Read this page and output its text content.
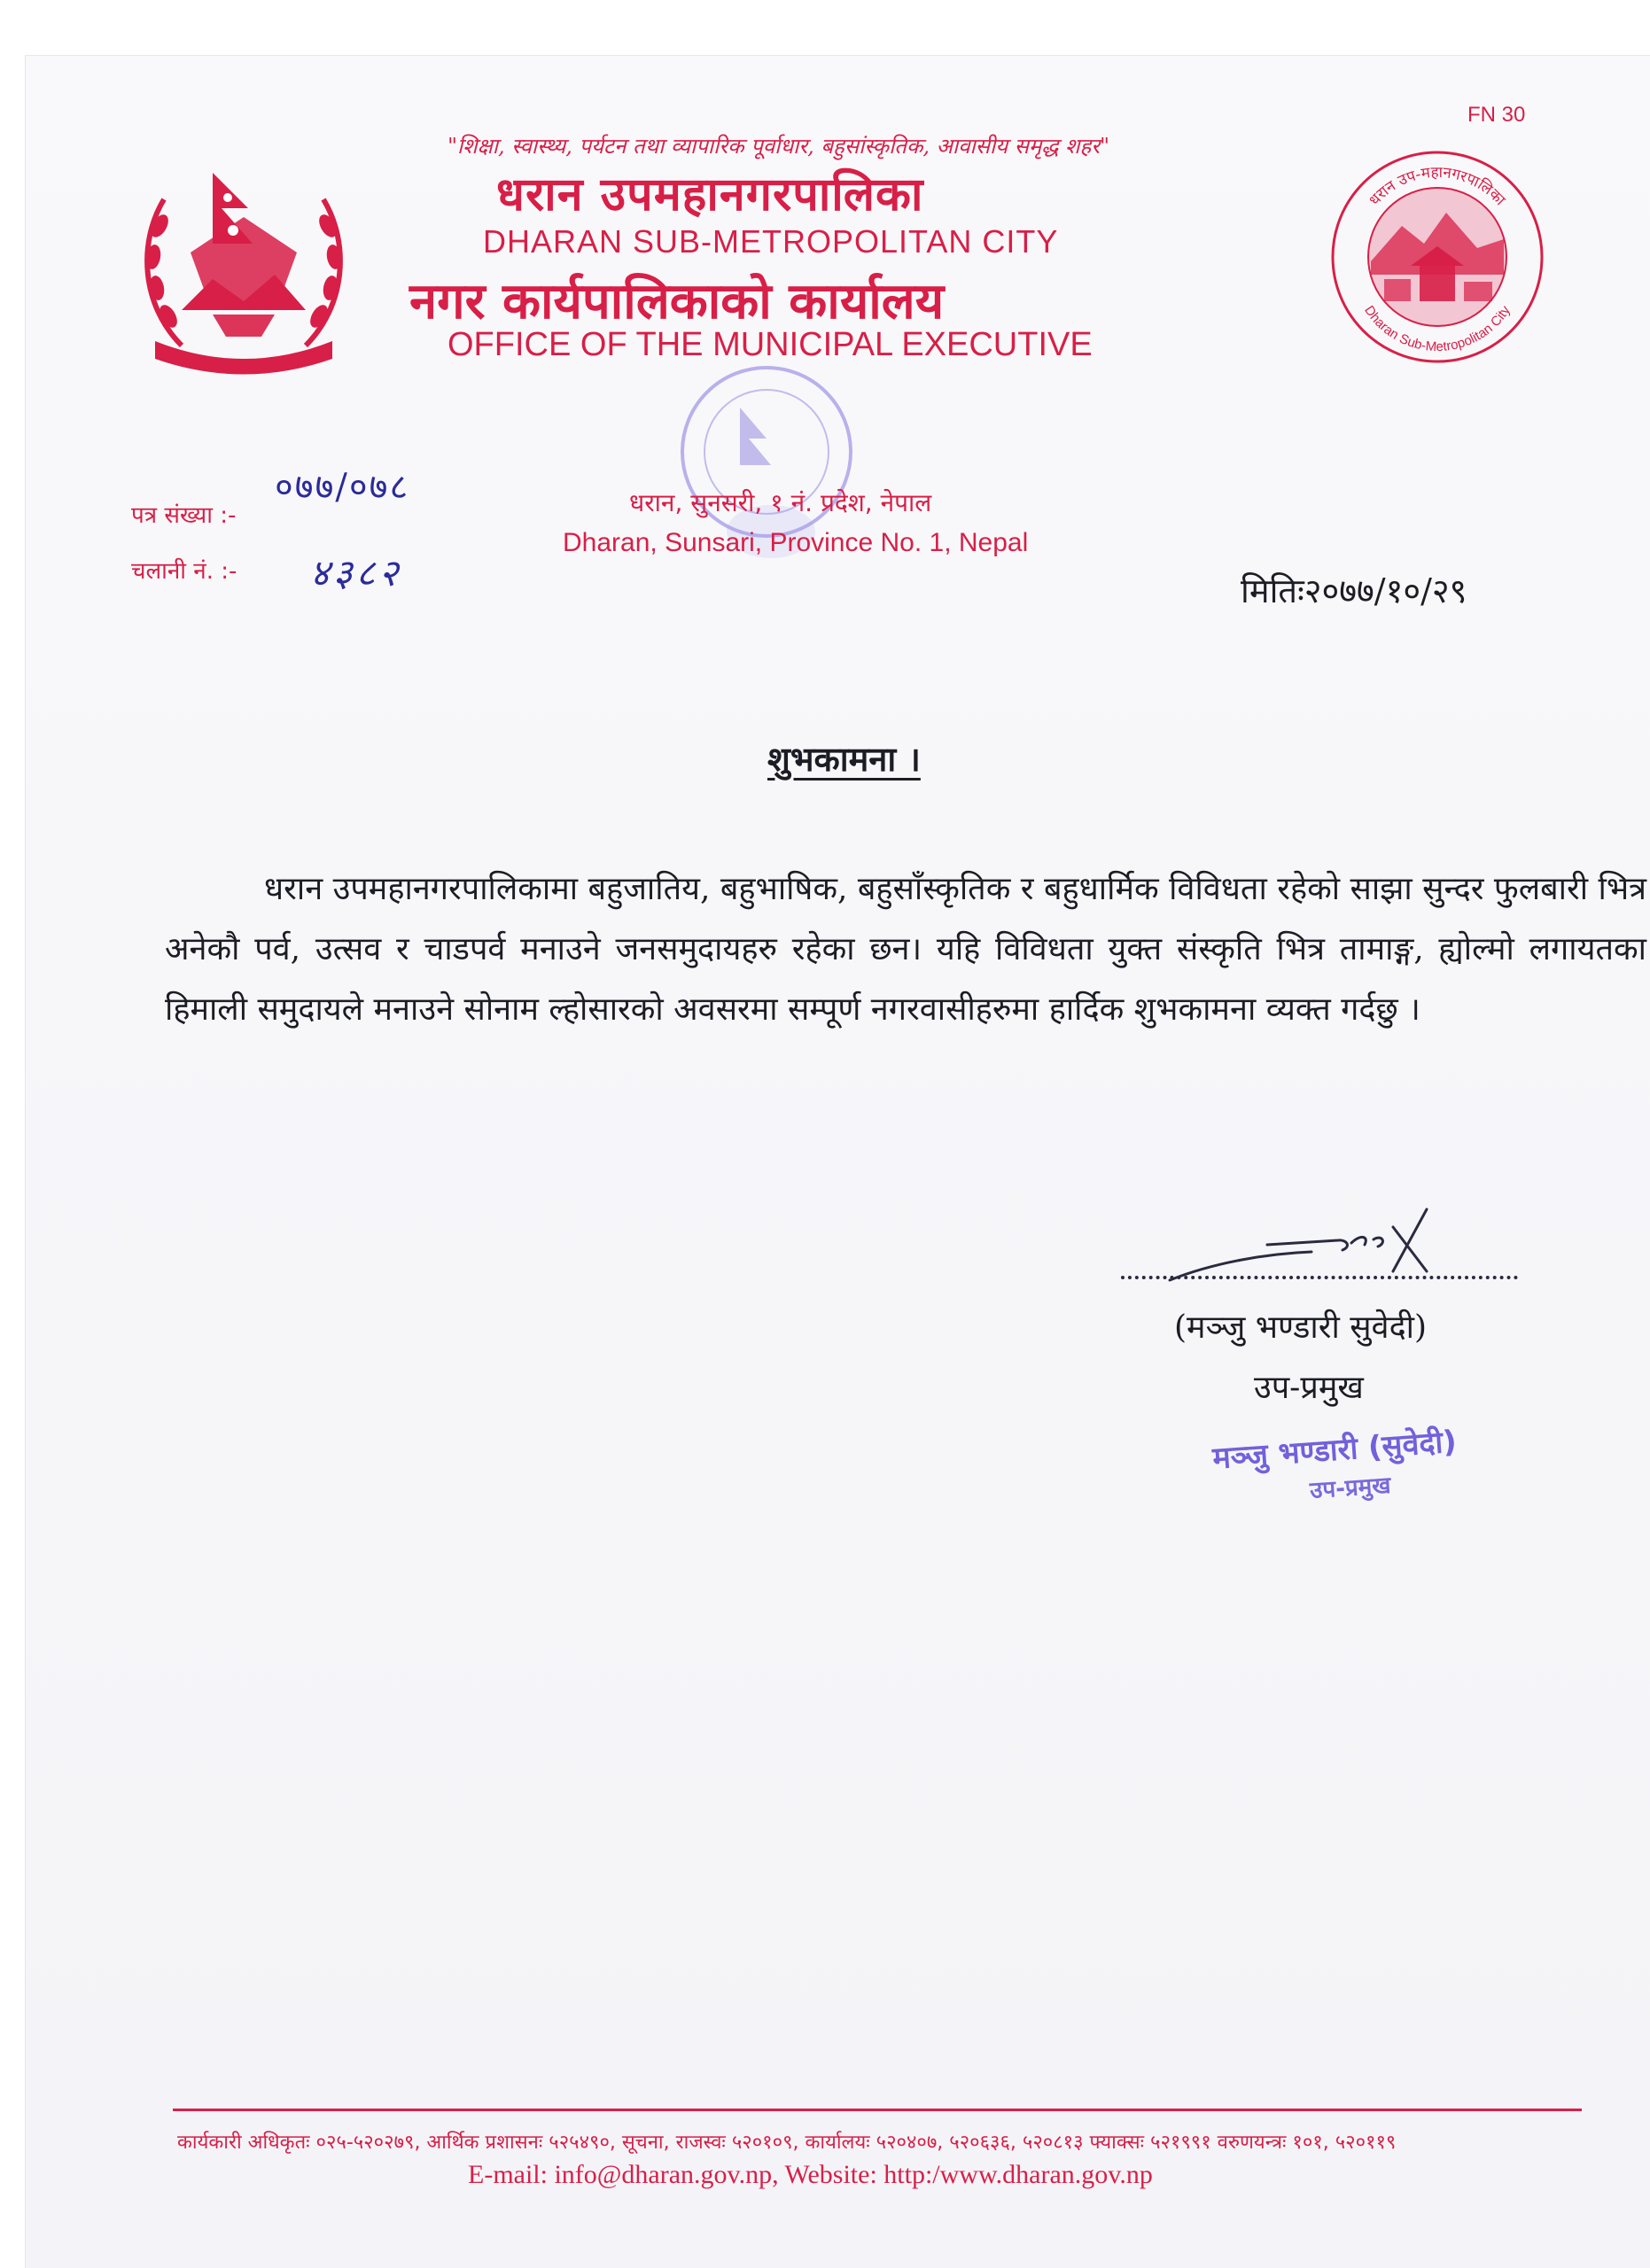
धरान उप-महानगरपालिका
Dharan Sub-Metropolitan City
FN 30
"शिक्षा, स्वास्थ्य, पर्यटन तथा व्यापारिक पूर्वाधार, बहुसांस्कृतिक, आवासीय समृद्ध शहर"
धरान उपमहानगरपालिका
DHARAN SUB-METROPOLITAN CITY
नगर कार्यपालिकाको कार्यालय
OFFICE OF THE MUNICIPAL EXECUTIVE
धरान, सुनसरी, १ नं. प्रदेश, नेपाल
Dharan, Sunsari, Province No. 1, Nepal
पत्र संख्या :-
०७७/०७८
चलानी नं. :- ४३८२	मितिः२०७७/१०/२९
शुभकामना ।
धरान उपमहानगरपालिकामा बहुजातिय, बहुभाषिक, बहुसाँस्कृतिक र बहुधार्मिक विविधता रहेको साझा सुन्दर फुलबारी भित्र अनेकौ पर्व, उत्सव र चाडपर्व मनाउने जनसमुदायहरु रहेका छन। यहि विविधता युक्त संस्कृति भित्र तामाङ्ग, ह्योल्मो लगायतका हिमाली समुदायले मनाउने सोनाम ल्होसारको अवसरमा सम्पूर्ण नगरवासीहरुमा हार्दिक शुभकामना व्यक्त गर्दछु ।
(मञ्जु भण्डारी सुवेदी)
उप-प्रमुख
मञ्जु भण्डारी (सुवेदी)
उप-प्रमुख
कार्यकारी अधिकृतः ०२५-५२०२७९, आर्थिक प्रशासनः ५२५४९०, सूचना, राजस्वः ५२०१०९, कार्यालयः ५२०४०७, ५२०६३६, ५२०८१३ फ्याक्सः ५२१९९१ वरुणयन्त्रः १०१, ५२०११९
E-mail: info@dharan.gov.np, Website: http:/www.dharan.gov.np
